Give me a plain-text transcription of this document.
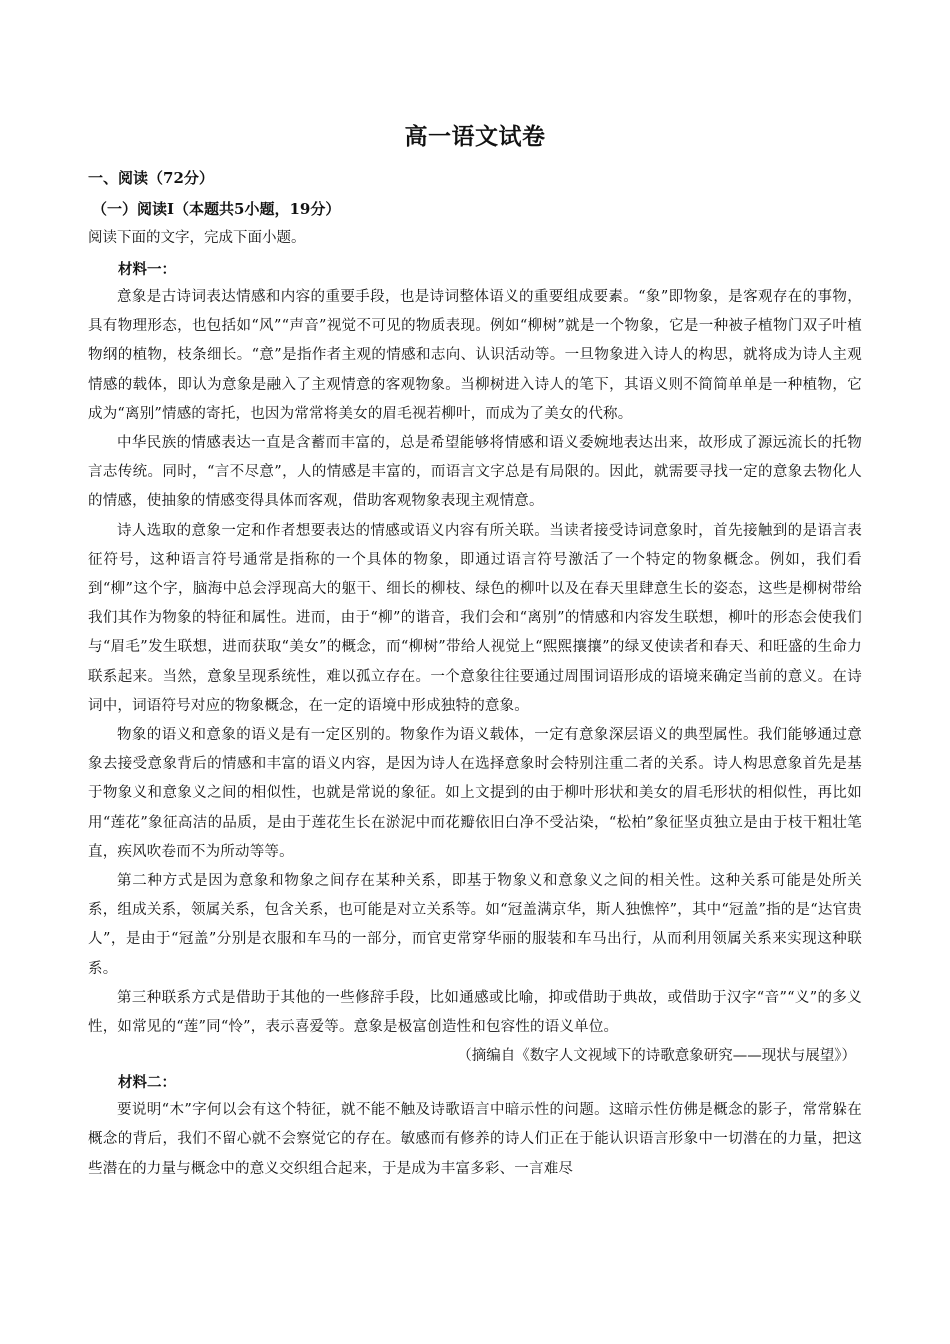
高一语文试卷
一、阅读（72分）
（一）阅读Ⅰ（本题共5小题，19分）
阅读下面的文字，完成下面小题。
材料一：

意象是古诗词表达情感和内容的重要手段，也是诗词整体语义的重要组成要素。“象”即物象，是客观存在的事物，具有物理形态，也包括如“风”“声音”视觉不可见的物质表现。例如“柳树”就是一个物象，它是一种被子植物门双子叶植物纲的植物，枝条细长。“意”是指作者主观的情感和志向、认识活动等。一旦物象进入诗人的构思，就将成为诗人主观情感的载体，即认为意象是融入了主观情意的客观物象。当柳树进入诗人的笔下，其语义则不简简单单是一种植物，它成为“离别”情感的寄托，也因为常常将美女的眉毛视若柳叶，而成为了美女的代称。

中华民族的情感表达一直是含蓄而丰富的，总是希望能够将情感和语义委婉地表达出来，故形成了源远流长的托物言志传统。同时，“言不尽意”，人的情感是丰富的，而语言文字总是有局限的。因此，就需要寻找一定的意象去物化人的情感，使抽象的情感变得具体而客观，借助客观物象表现主观情意。

诗人选取的意象一定和作者想要表达的情感或语义内容有所关联。当读者接受诗词意象时，首先接触到的是语言表征符号，这种语言符号通常是指称的一个具体的物象，即通过语言符号激活了一个特定的物象概念。例如，我们看到“柳”这个字，脑海中总会浮现高大的躯干、细长的柳枝、绿色的柳叶以及在春天里肆意生长的姿态，这些是柳树带给我们其作为物象的特征和属性。进而，由于“柳”的谐音，我们会和“离别”的情感和内容发生联想，柳叶的形态会使我们与“眉毛”发生联想，进而获取“美女”的概念，而“柳树”带给人视觉上“熙熙攘攘”的绿叉使读者和春天、和旺盛的生命力联系起来。当然，意象呈现系统性，难以孤立存在。一个意象往往要通过周围词语形成的语境来确定当前的意义。在诗词中，词语符号对应的物象概念，在一定的语境中形成独特的意象。

物象的语义和意象的语义是有一定区别的。物象作为语义载体，一定有意象深层语义的典型属性。我们能够通过意象去接受意象背后的情感和丰富的语义内容，是因为诗人在选择意象时会特别注重二者的关系。诗人构思意象首先是基于物象义和意象义之间的相似性，也就是常说的象征。如上文提到的由于柳叶形状和美女的眉毛形状的相似性，再比如用“莲花”象征高洁的品质，是由于莲花生长在淤泥中而花瓣依旧白净不受沾染，“松柏”象征坚贞独立是由于枝干粗壮笔直，疾风吹卷而不为所动等等。

第二种方式是因为意象和物象之间存在某种关系，即基于物象义和意象义之间的相关性。这种关系可能是处所关系，组成关系，领属关系，包含关系，也可能是对立关系等。如“冠盖满京华，斯人独憔悴”，其中“冠盖”指的是“达官贵人”，是由于“冠盖”分别是衣服和车马的一部分，而官吏常穿华丽的服装和车马出行，从而利用领属关系来实现这种联系。

第三种联系方式是借助于其他的一些修辞手段，比如通感或比喻，抑或借助于典故，或借助于汉字“音”“义”的多义性，如常见的“莲”同“怜”，表示喜爱等。意象是极富创造性和包容性的语义单位。

（摘编自《数字人文视域下的诗歌意象研究——现状与展望》）
材料二：

要说明“木”字何以会有这个特征，就不能不触及诗歌语言中暗示性的问题。这暗示性仿佛是概念的影子，常常躲在概念的背后，我们不留心就不会察觉它的存在。敏感而有修养的诗人们正在于能认识语言形象中一切潜在的力量，把这些潜在的力量与概念中的意义交织组合起来，于是成为丰富多彩、一言难尽
